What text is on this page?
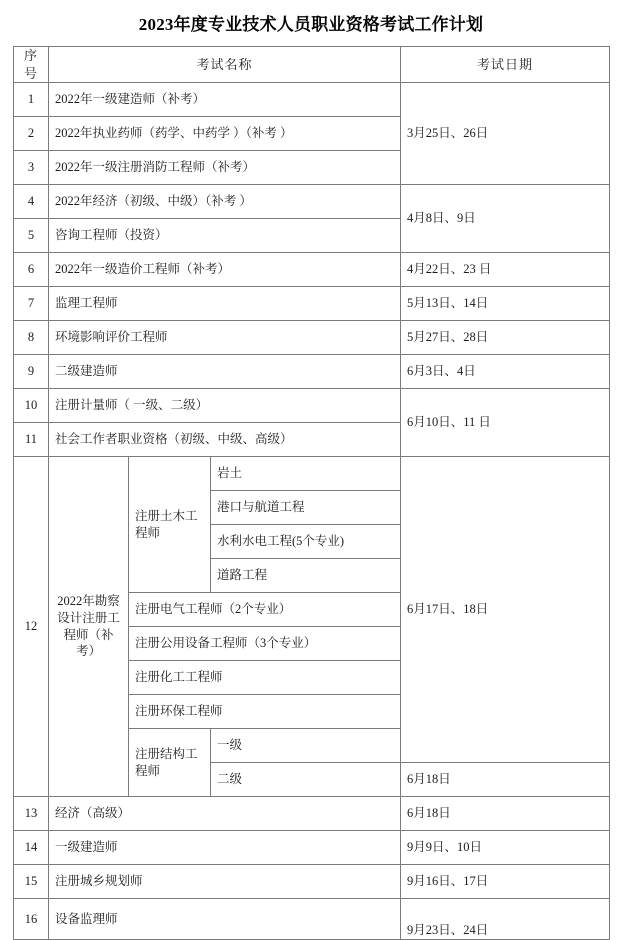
2023年度专业技术人员职业资格考试工作计划
序号	考试名称			考试日期
1	2022年一级建造师（补考）			3月25日、26日
2	2022年执业药师（药学、中药学 ）（补考 ）			
3	2022年一级注册消防工程师（补考）			
4	2022年经济（初级、中级）（补考 ）			4月8日、9日
5	咨询工程师（投资）			
6	2022年一级造价工程师（补考）			4月22日、23 日
7	监理工程师			5月13日、14日
8	环境影响评价工程师			5月27日、28日
9	二级建造师			6月3日、4日
10	注册计量师（ 一级、二级）			6月10日、11 日
11	社会工作者职业资格（初级、中级、高级）			
12	2022年勘察设计注册工程师（补考）	注册土木工程师	岩土	6月17日、18日
			港口与航道工程	
			水利水电工程(5个专业)	
			道路工程	
		注册电气工程师（2个专业）		
		注册公用设备工程师（3个专业）		
		注册化工工程师		
		注册环保工程师		
		注册结构工程师	一级	
			二级	6月18日
13	经济（高级）			6月18日
14	一级建造师			9月9日、10日
15	注册城乡规划师			9月16日、17日
16	设备监理师			9月23日、24日
